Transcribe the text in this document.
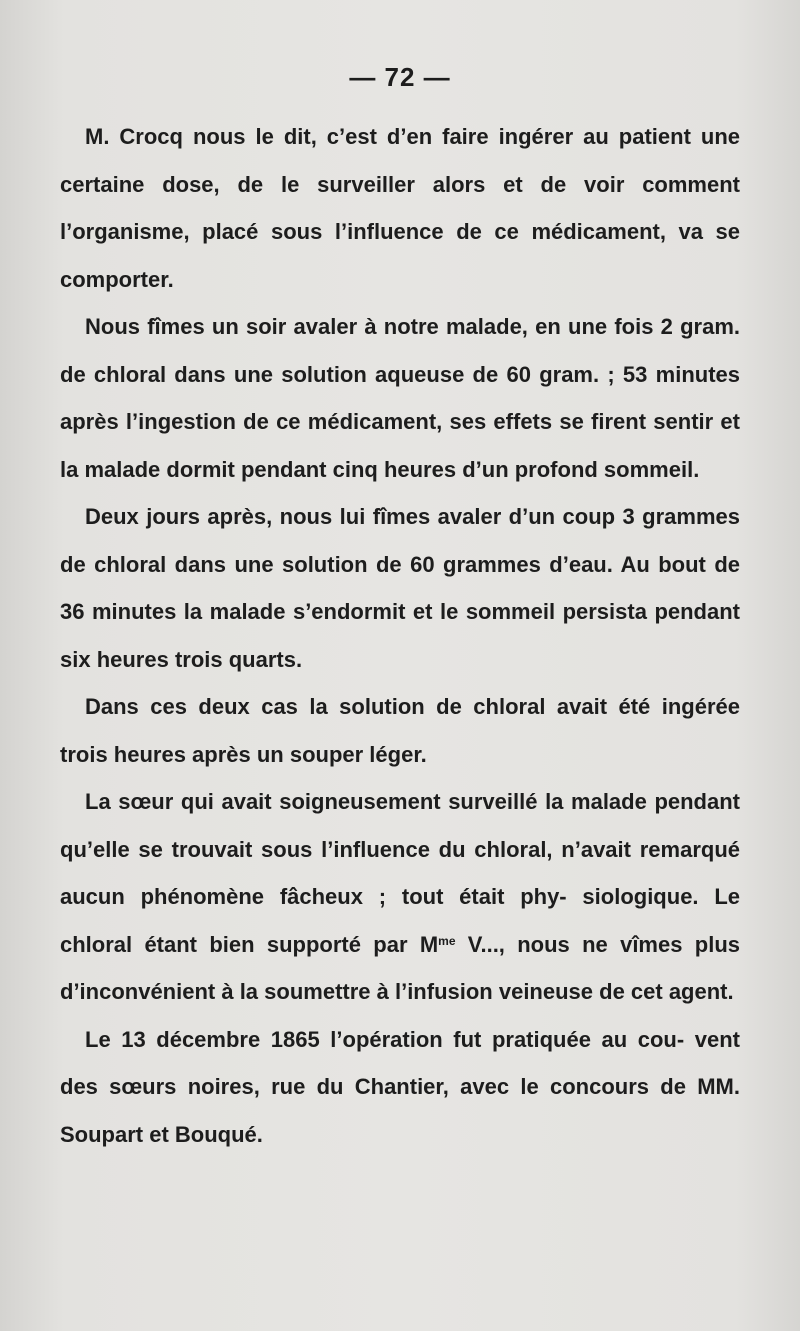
— 72 —

M. Crocq nous le dit, c’est d’en faire ingérer au patient une certaine dose, de le surveiller alors et de voir comment l’organisme, placé sous l’influence de ce médicament, va se comporter.

Nous fîmes un soir avaler à notre malade, en une fois 2 gram. de chloral dans une solution aqueuse de 60 gram. ; 53 minutes après l’ingestion de ce médicament, ses effets se firent sentir et la malade dormit pendant cinq heures d’un profond sommeil.

Deux jours après, nous lui fîmes avaler d’un coup 3 grammes de chloral dans une solution de 60 grammes d’eau. Au bout de 36 minutes la malade s’endormit et le sommeil persista pendant six heures trois quarts.

Dans ces deux cas la solution de chloral avait été ingérée trois heures après un souper léger.

La sœur qui avait soigneusement surveillé la malade pendant qu’elle se trouvait sous l’influence du chloral, n’avait remarqué aucun phénomène fâcheux ; tout était phy- siologique. Le chloral étant bien supporté par $M^{me}$ V..., nous ne vîmes plus d’inconvénient à la soumettre à l’infusion veineuse de cet agent.

Le 13 décembre 1865 l’opération fut pratiquée au cou- vent des sœurs noires, rue du Chantier, avec le concours de MM. Soupart et Bouqué.
